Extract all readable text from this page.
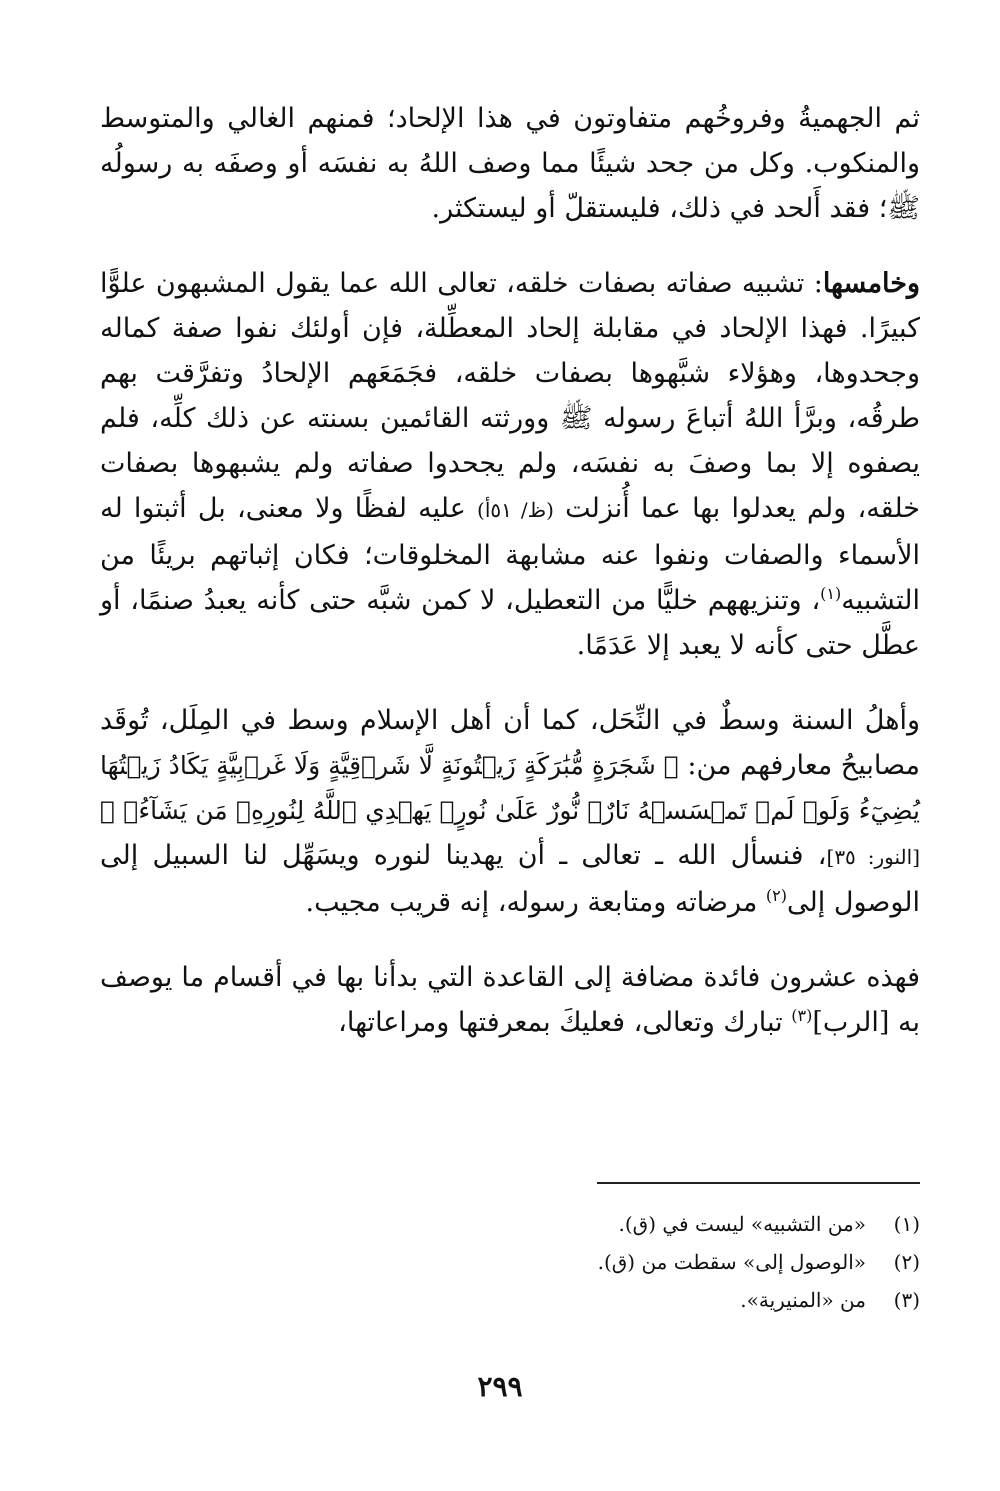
ثم الجهميةُ وفروخُهم متفاوتون في هذا الإلحاد؛ فمنهم الغالي والمتوسط والمنكوب. وكل من جحد شيئًا مما وصف اللهُ به نفسَه أو وصفَه به رسولُه ﷺ؛ فقد أَلحد في ذلك، فليستقلّ أو ليستكثر.

وخامسها: تشبيه صفاته بصفات خلقه، تعالى الله عما يقول المشبهون علوًّا كبيرًا. فهذا الإلحاد في مقابلة إلحاد المعطِّلة، فإن أولئك نفوا صفة كماله وجحدوها، وهؤلاء شبَّهوها بصفات خلقه، فجَمَعَهم الإلحادُ وتفرَّقت بهم طرقُه، وبرَّأ اللهُ أتباعَ رسوله ﷺ وورثته القائمين بسنته عن ذلك كلِّه، فلم يصفوه إلا بما وصفَ به نفسَه، ولم يجحدوا صفاته ولم يشبهوها بصفات خلقه، ولم يعدلوا بها عما أُنزلت (ظ/ ٥١أ) عليه لفظًا ولا معنى، بل أثبتوا له الأسماء والصفات ونفوا عنه مشابهة المخلوقات؛ فكان إثباتهم بريئًا من التشبيه$^{(١)}$، وتنزيههم خليًّا من التعطيل، لا كمن شبَّه حتى كأنه يعبدُ صنمًا، أو عطَّل حتى كأنه لا يعبد إلا عَدَمًا.

وأهلُ السنة وسطٌ في النِّحَل، كما أن أهل الإسلام وسط في المِلَل، تُوقَد مصابيحُ معارفهم من: ﴿ شَجَرَةٍ مُّبَٰرَكَةٍ زَيۡتُونَةٍ لَّا شَرۡقِيَّةٍ وَلَا غَرۡبِيَّةٍ يَكَادُ زَيۡتُهَا يُضِيٓءُ وَلَوۡ لَمۡ تَمۡسَسۡهُ نَارٌۚ نُّورٌ عَلَىٰ نُورٍۚ يَهۡدِي ٱللَّهُ لِنُورِهِۦ مَن يَشَآءُۚ ﴾ [النور: ٣٥]، فنسأل الله ـ تعالى ـ أن يهدينا لنوره ويسَهِّل لنا السبيل إلى الوصول إلى$^{(٢)}$ مرضاته ومتابعة رسوله، إنه قريب مجيب.

فهذه عشرون فائدة مضافة إلى القاعدة التي بدأنا بها في أقسام ما يوصف به [الرب]$^{(٣)}$ تبارك وتعالى، فعليكَ بمعرفتها ومراعاتها،

(١)
«من التشبيه» ليست في (ق).
(٢)
«الوصول إلى» سقطت من (ق).
(٣)
من «المنيرية».
٢٩٩
